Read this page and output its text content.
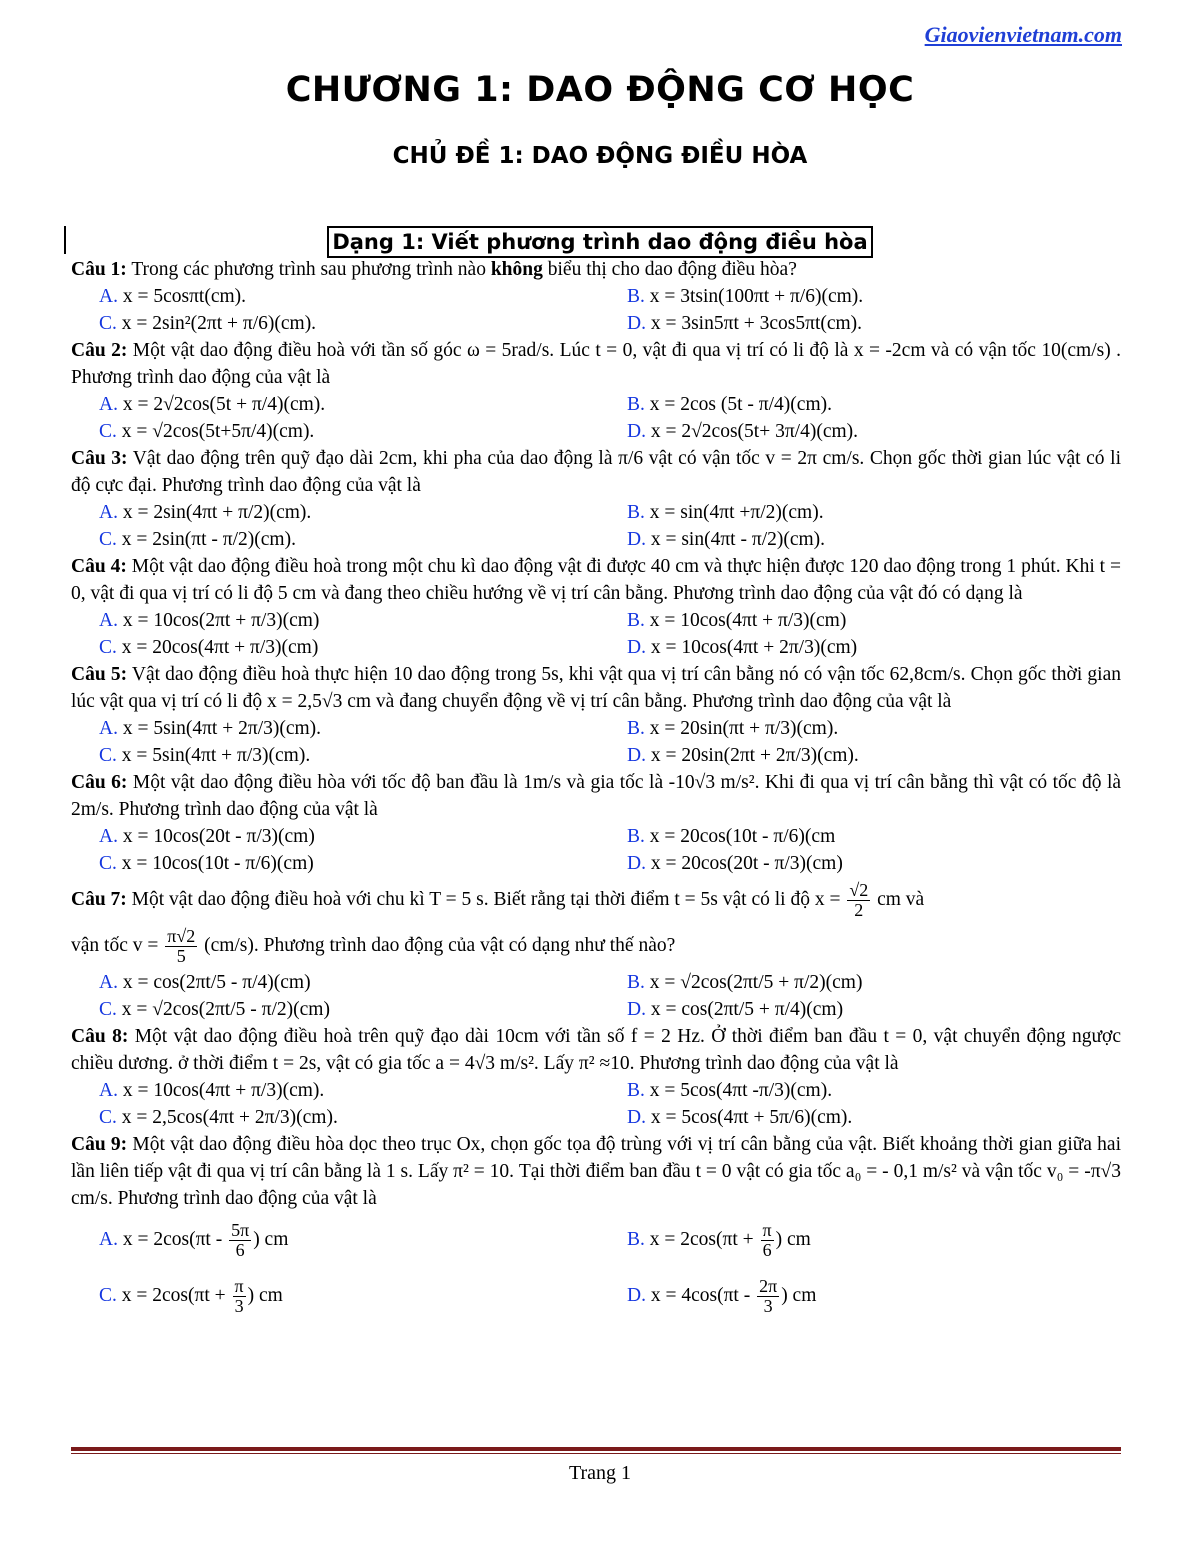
Giaovienvietnam.com
CHƯƠNG 1: DAO ĐỘNG CƠ HỌC
CHỦ ĐỀ 1: DAO ĐỘNG ĐIỀU HÒA
Dạng 1: Viết phương trình dao động điều hòa
Câu 1: Trong các phương trình sau phương trình nào không biểu thị cho dao động điều hòa?
A. x = 5cosπt(cm).	B. x = 3tsin(100πt + π/6)(cm).
C. x = 2sin²(2πt + π/6)(cm).	D. x = 3sin5πt + 3cos5πt(cm).
Câu 2: Một vật dao động điều hoà với tần số góc ω = 5rad/s. Lúc t = 0, vật đi qua vị trí có li độ là x = -2cm và có vận tốc 10(cm/s) . Phương trình dao động của vật là
A. x = 2√2cos(5t + π/4)(cm).	B. x = 2cos (5t - π/4)(cm).
C. x = √2cos(5t+5π/4)(cm).	D. x = 2√2cos(5t+ 3π/4)(cm).
Câu 3: Vật dao động trên quỹ đạo dài 2cm, khi pha của dao động là π/6 vật có vận tốc v = 2π cm/s. Chọn gốc thời gian lúc vật có li độ cực đại. Phương trình dao động của vật là
A. x = 2sin(4πt + π/2)(cm).	B. x = sin(4πt +π/2)(cm).
C. x = 2sin(πt - π/2)(cm).	D. x = sin(4πt - π/2)(cm).
Câu 4: Một vật dao động điều hoà trong một chu kì dao động vật đi được 40 cm và thực hiện được 120 dao động trong 1 phút. Khi t = 0, vật đi qua vị trí có li độ 5 cm và đang theo chiều hướng về vị trí cân bằng. Phương trình dao động của vật đó có dạng là
A. x = 10cos(2πt + π/3)(cm)	B. x = 10cos(4πt + π/3)(cm)
C. x = 20cos(4πt + π/3)(cm)	D. x = 10cos(4πt + 2π/3)(cm)
Câu 5: Vật dao động điều hoà thực hiện 10 dao động trong 5s, khi vật qua vị trí cân bằng nó có vận tốc 62,8cm/s. Chọn gốc thời gian lúc vật qua vị trí có li độ x = 2,5√3 cm và đang chuyển động về vị trí cân bằng. Phương trình dao động của vật là
A. x = 5sin(4πt + 2π/3)(cm).	B. x = 20sin(πt + π/3)(cm).
C. x = 5sin(4πt + π/3)(cm).	D. x = 20sin(2πt + 2π/3)(cm).
Câu 6: Một vật dao động điều hòa với tốc độ ban đầu là 1m/s và gia tốc là -10√3 m/s². Khi đi qua vị trí cân bằng thì vật có tốc độ là 2m/s. Phương trình dao động của vật là
A. x = 10cos(20t - π/3)(cm)	B. x = 20cos(10t - π/6)(cm
C. x = 10cos(10t - π/6)(cm)	D. x = 20cos(20t - π/3)(cm)
Câu 7: Một vật dao động điều hoà với chu kì T = 5 s. Biết rằng tại thời điểm t = 5s vật có li độ $x = \frac{√2}{2}$ cm và
vận tốc $v = \frac{\pi√2}{5} (cm/s)$. Phương trình dao động của vật có dạng như thế nào?
A. x = cos(2πt/5 - π/4)(cm)	B. x = √2cos(2πt/5 + π/2)(cm)
C. x = √2cos(2πt/5 - π/2)(cm)	D. x = cos(2πt/5 + π/4)(cm)
Câu 8: Một vật dao động điều hoà trên quỹ đạo dài 10cm với tần số f = 2 Hz. Ở thời điểm ban đầu t = 0, vật chuyển động ngược chiều dương. ở thời điểm t = 2s, vật có gia tốc a = 4√3 m/s². Lấy π² ≈10. Phương trình dao động của vật là
A. x = 10cos(4πt + π/3)(cm).	B. x = 5cos(4πt -π/3)(cm).
C. x = 2,5cos(4πt + 2π/3)(cm).	D. x = 5cos(4πt + 5π/6)(cm).
Câu 9: Một vật dao động điều hòa dọc theo trục Ox, chọn gốc tọa độ trùng với vị trí cân bằng của vật. Biết khoảng thời gian giữa hai lần liên tiếp vật đi qua vị trí cân bằng là 1 s. Lấy π² = 10. Tại thời điểm ban đầu t = 0 vật có gia tốc a₀ = - 0,1 m/s² và vận tốc v₀ = -π√3 cm/s. Phương trình dao động của vật là
A. $x = 2\cos(\pi t - \frac{5\pi}{6}$ ) cm	B. $x = 2\cos(\pi t + \frac{\pi}{6}$ ) cm
C. $x = 2\cos(\pi t + \frac{\pi}{3}$ ) cm	D. $x = 4\cos(\pi t - \frac{2\pi}{3}$ ) cm
Trang 1
